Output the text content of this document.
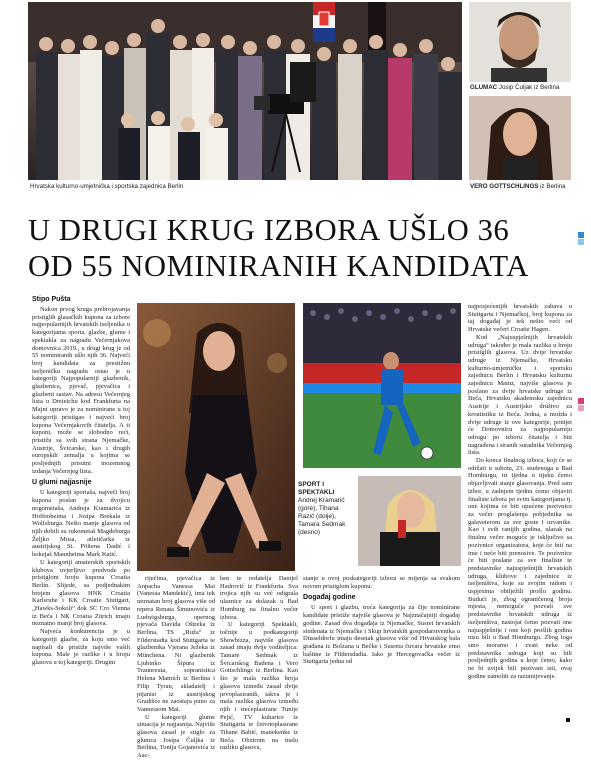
Hrvatska kulturno-umjetnička i sportska zajednica Berlin
GLUMAC Josip Čuljak iz Berlina
VERO GOTTSCHLINGS iz Berlina
U DRUGI KRUG IZBORA UŠLO 36 OD 55 NOMINIRANIH KANDIDATA
Stipo Pušta

Nakon prvog kruga prebrojavanja pristiglih glasačkih kupona za izbore najpopularnijih hrvatskih iseljenika u kategorijama sporta, glazbe, glume i spektakla za nagradu Večernjakova domovnica 2019., u drugi krug je od 55 nominiranih ušlo njih 36. Najveći broj kandidata za prestižnu iseljeničku nagradu ostao je u kategoriji Najpopularniji glazbenik, glazbenica, pjevač, pjevačica i glazbeni sastav. Na adresu Večernjeg lista u Dreieichu kod Frankfurta na Majni upravo je za nominirane u toj kategoriji pristigao i najveći broj kupona Večernjakovih čitatelja. A ti kuponi, može se slobodno reći, pristižu sa svih strana Njemačke, Austrije, Švicarske, kao i drugih europskih zemalja u kojima se posljednjih prisutni inozemnog izdanja Večernjeg lista.

U glumi najjasnije

U kategoriji sportaša, najveći broj kupona poslan je za dvojicu nogometaša, Andreja Kramarića iz Hoffenheima i Josipa Brekala iz Wolfsburga. Nešto manje glasova od njih dobili su rukometaš Magdeburga Željko Musa, atletičarka iz austrijskog St. Pöltena Dadić i hokejaš Mannheima Mark Katić.

U kategoriji amaterskih sportskih klubova uvjerljivo predvode po pristiglom broju kupona Croatia Berlin. Slijede, sa podjednakim brojem glasova HNK Croatia Karlsruhe i KK Croatie Stuttgart, „Hawks-Sokoli“ dok SC Cro Vienna iz Beča i NK Croatia Zürich imaju neznatno manji broj glasova.

Najveća konkurencija je u kategoriji glazbe, za koju smo već napisali da pristiže najviše vaših kupona. Male je razlike i u broju glasova u toj kategoriji. Drugim

SPORT I SPEKTAKLI
Andrej Kramarić (gore), Tihana Razić (dolje), Tamara Sedmak (desno)

riječima, pjevačica iz Anpacha Vanessa Mai (Vanessa Mandekić), ima tek neznatan broj glasova više od repera Renata Šimunovića iz Ludwigsburga, opernog pjevača Davida Oštreka iz Berlina, TS „Ruža“ iz Filderstadta kod Stuttgarta te glazbenika Vjerana Ježeka iz Münchena. Ni glazbenik Ljubinko Šipura iz Traunreuta, sopranistica Helena Mamich iz Berlina i Filip Tyran, skladatelj i pijanist iz austrijskog Gradišće ne zaostaju puno za Vannessom Mai.

U kategoriji glume situacija je najjasnija. Najviše glasova zasad je stiglo za glumca Josipa Čuljka iz Berlina, Tonija Gojanovića iz Aac-

hen te redatelja Danijel Hadrović iz Frankfurta. Sva trojica njih su već odigrala ulaznice za dolazak u Bad Homburg na finalnu večer izbora.

U kategoriji Spektakli, točnije u podkategoriji Showbizza, najviše glasova zasad imaju dvije voditeljica: Tamare Sedmak iz Švicarskog Badena i Vero Gottschlings iz Berlina. Kao što je mala razlika broja glasova između zasad dvije prvoplasiranih, takva je i mala razlika glasova između njih i trećeplasirane Tunije Pejić, TV kuharice iz Stuttgarta te četvrtoplasirane Tihane Babić, manekenke iz Beča. Obzirom na malu razliku glasova,

stanje u ovoj poskategoriji izbora se mijenja sa svakom novom pristiglom kuponu.

Događaj godine

U sport i glazbu, treća kategorija za čije nominirane kandidate pristiže najviše glasova je Najznačajniji događaj godine. Zasad dva događaja iz Njemačke, Susret hrvatskih studenata iz Njemačke i Skup hrvatskih gospodarstvenika u Düsseldorfu imaju desetak glasova više od Hrvatskog bala građana iz Bolzana u Bečke i Susreta čuvara hrvatske etno baštine iz Fildersdadta. Iako je Hercegovačka večer iz Stuttgarta jedna od

najposjećenijih hrvatskih zabava u Stuttgartu i Njemačkoj, broj kupona za taj događaj je tek nešto veći od Hrvatske večeri Croatie Hagen.

Kod „Najuspješnijih hrvatskih udruga“ također je mala razlika u broju pristiglih glasova. Uz dvije hrvatske udruge iz Njemačke, Hrvatsku kulturno-umjetničku i sportsku zajednicu Berlin i Hrvatsku kulturnu zajednicu Mainz, najviše glasova je poslano za dvije hrvatske udruge iz Beča, Hrvatsku akademsku zajednicu Austrije i Austrijsko društvo za kroatistiku iz Beča. Jedna, a možda i dvije udruge iz ove kategorije, ponijet će Domovnicu za najpopularniju udrugu po izboru čitatelja i biti nagrađena i stranih suradnika Večernjeg lista.

Do konca finalnog izbora, koji će se održati u subotu, 23. studenoga u Bad Homburgu, tri tjedna u tijeku čemo objavljivati stanje glasovanja. Pred sam izbor, u zadnjem tjednu ćemo objaviti finaliste izbora po svim kategorijama tj. one kojima će biti upućene pozivnice za večer proglašenja pobjednika sa galaveterom za sve goste i uzvanike. Kao i svih ranijih godina, ulazak na finalnu večer moguće je isključivo sa pozivnice organizatora, koje će biti na ime i neće biti prenosive. Te pozivnice će biti poslane za sve finaliste te predstavnike najuspješnijih hrvatskih udruga, klubove i zajednice iz iseljeništva, koje su svojim radom i uspjesima obilježili prošlu godinu. Budući je, zbog ograničenog broja mjesta, nemoguće pozvati sve predstavnike hrvatskih udruga iz iseljeništva, nastojat ćemo pozvati one najuspješnije i one koji prošlih godina nisu bili u Bad Homburgu. Zbog toga smo moramo i zvati neke od predstavnika udruga koji su bili posljednjih godina u koje ćemo, kako ne bi uvijek bili pozivani isti, ovaj godine zamoliti za razumijevanje.
